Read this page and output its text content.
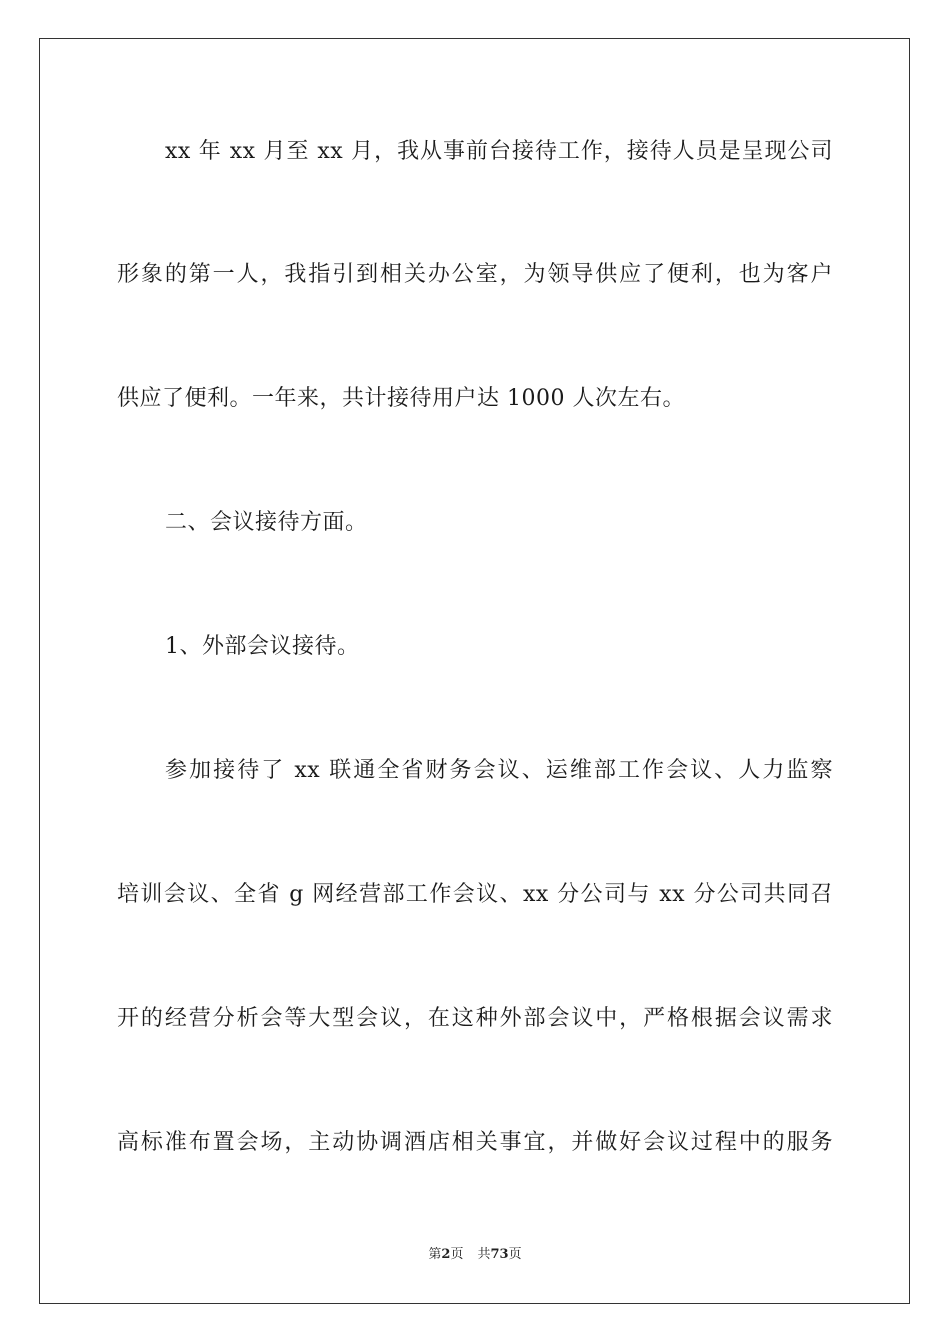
xx 年 xx 月至 xx 月，我从事前台接待工作，接待人员是呈现公司
形象的第一人，我指引到相关办公室，为领导供应了便利，也为客户
供应了便利。一年来，共计接待用户达 1000 人次左右。
二、会议接待方面。
1、外部会议接待。
参加接待了 xx 联通全省财务会议、运维部工作会议、人力监察
培训会议、全省 g 网经营部工作会议、xx 分公司与 xx 分公司共同召
开的经营分析会等大型会议，在这种外部会议中，严格根据会议需求
高标准布置会场，主动协调酒店相关事宜，并做好会议过程中的服务
第2页 共73页
